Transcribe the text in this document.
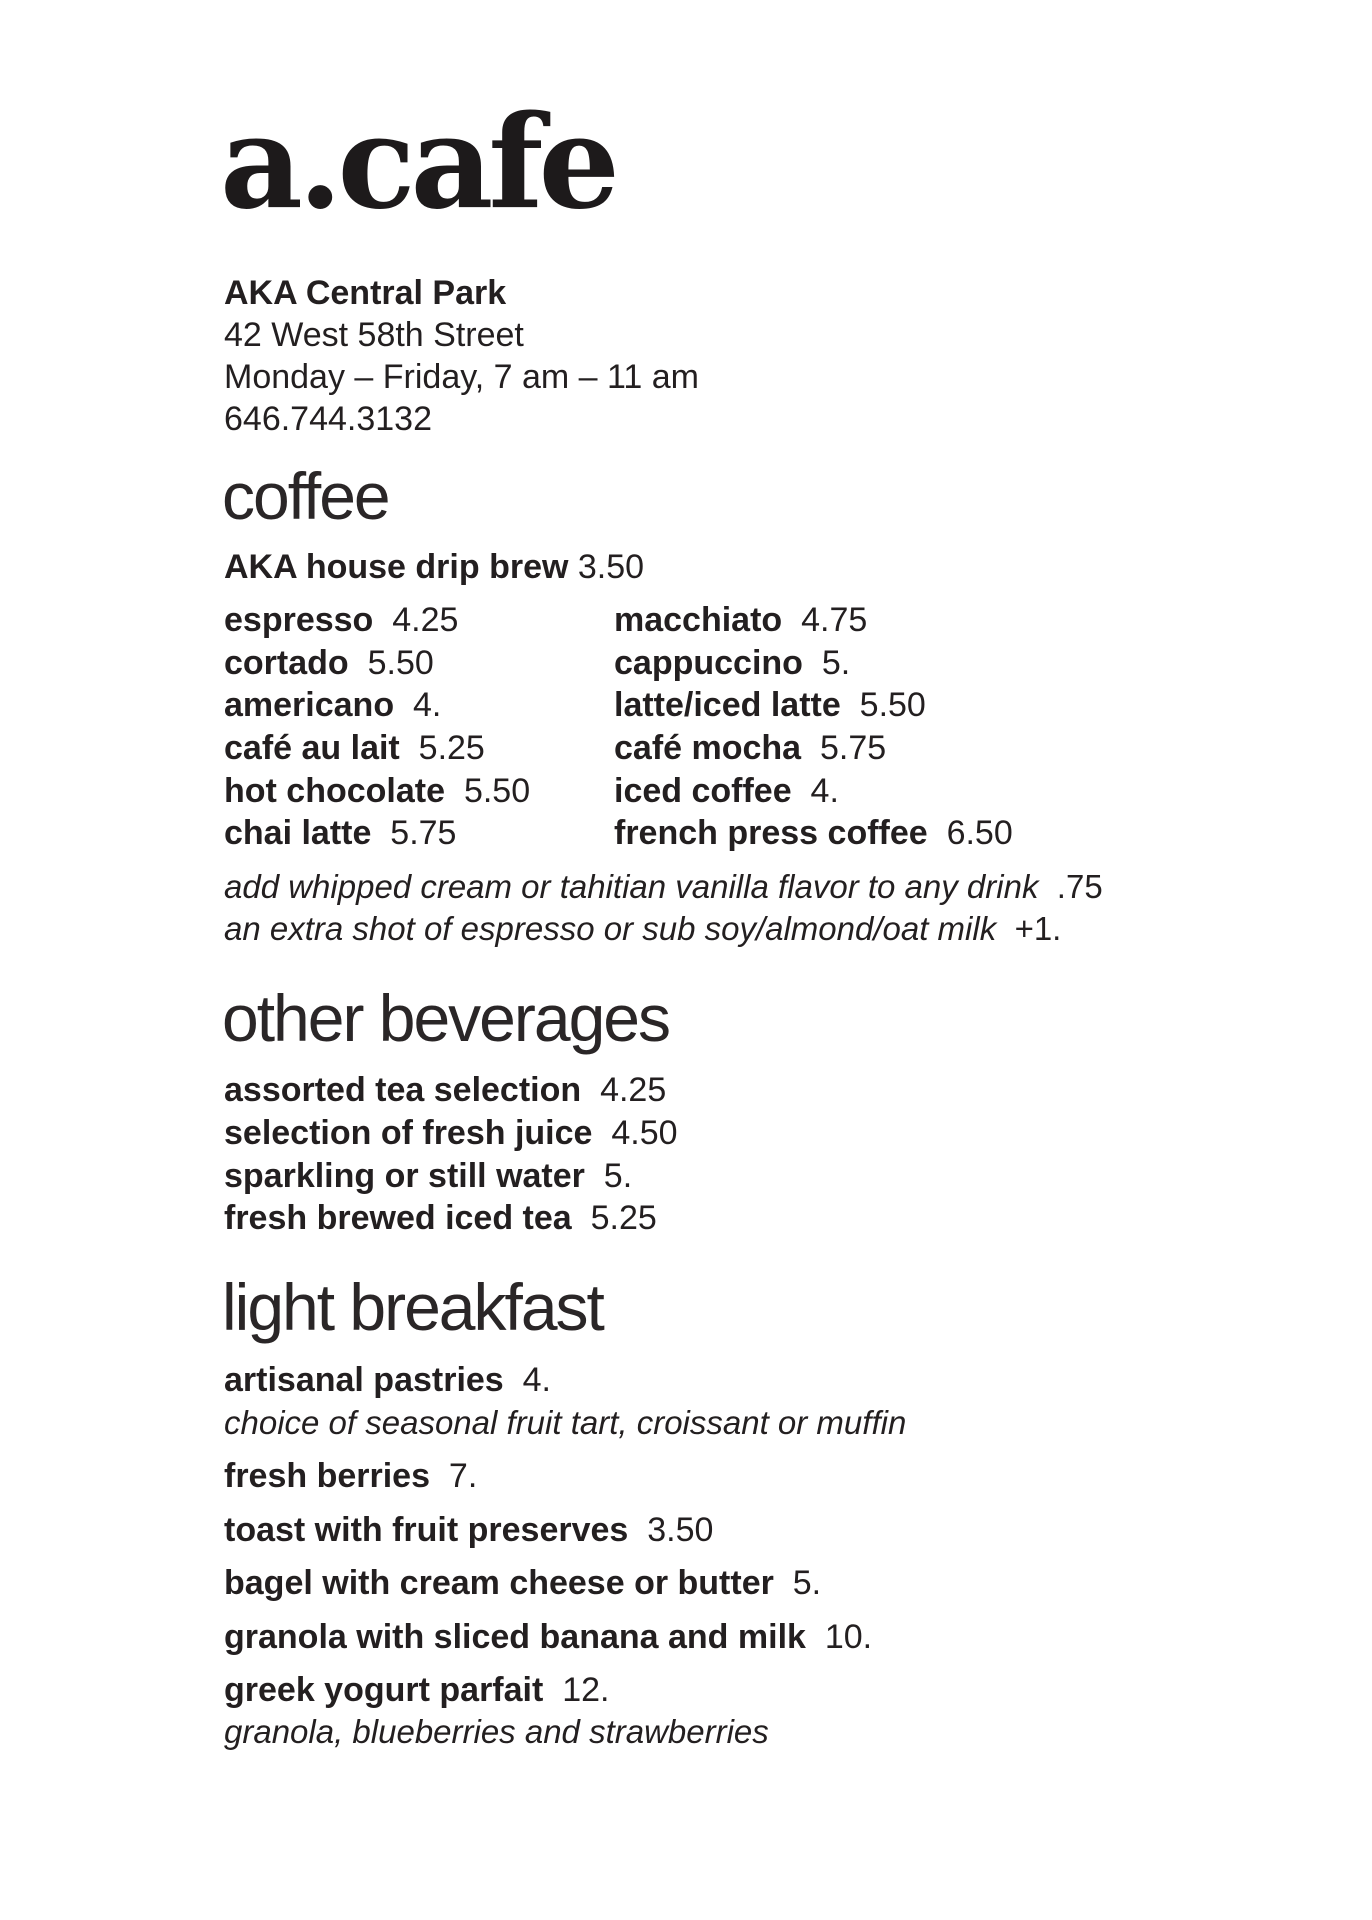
a.cafe
AKA Central Park
42 West 58th Street
Monday – Friday, 7 am – 11 am
646.744.3132
coffee
AKA house drip brew 3.50
espresso 4.25
cortado 5.50
americano 4.
café au lait 5.25
hot chocolate 5.50
chai latte 5.75
macchiato 4.75
cappuccino 5.
latte/iced latte 5.50
café mocha 5.75
iced coffee 4.
french press coffee 6.50
add whipped cream or tahitian vanilla flavor to any drink .75
an extra shot of espresso or sub soy/almond/oat milk +1.
other beverages
assorted tea selection 4.25
selection of fresh juice 4.50
sparkling or still water 5.
fresh brewed iced tea 5.25
light breakfast
artisanal pastries 4.
choice of seasonal fruit tart, croissant or muffin
fresh berries 7.
toast with fruit preserves 3.50
bagel with cream cheese or butter 5.
granola with sliced banana and milk 10.
greek yogurt parfait 12.
granola, blueberries and strawberries
